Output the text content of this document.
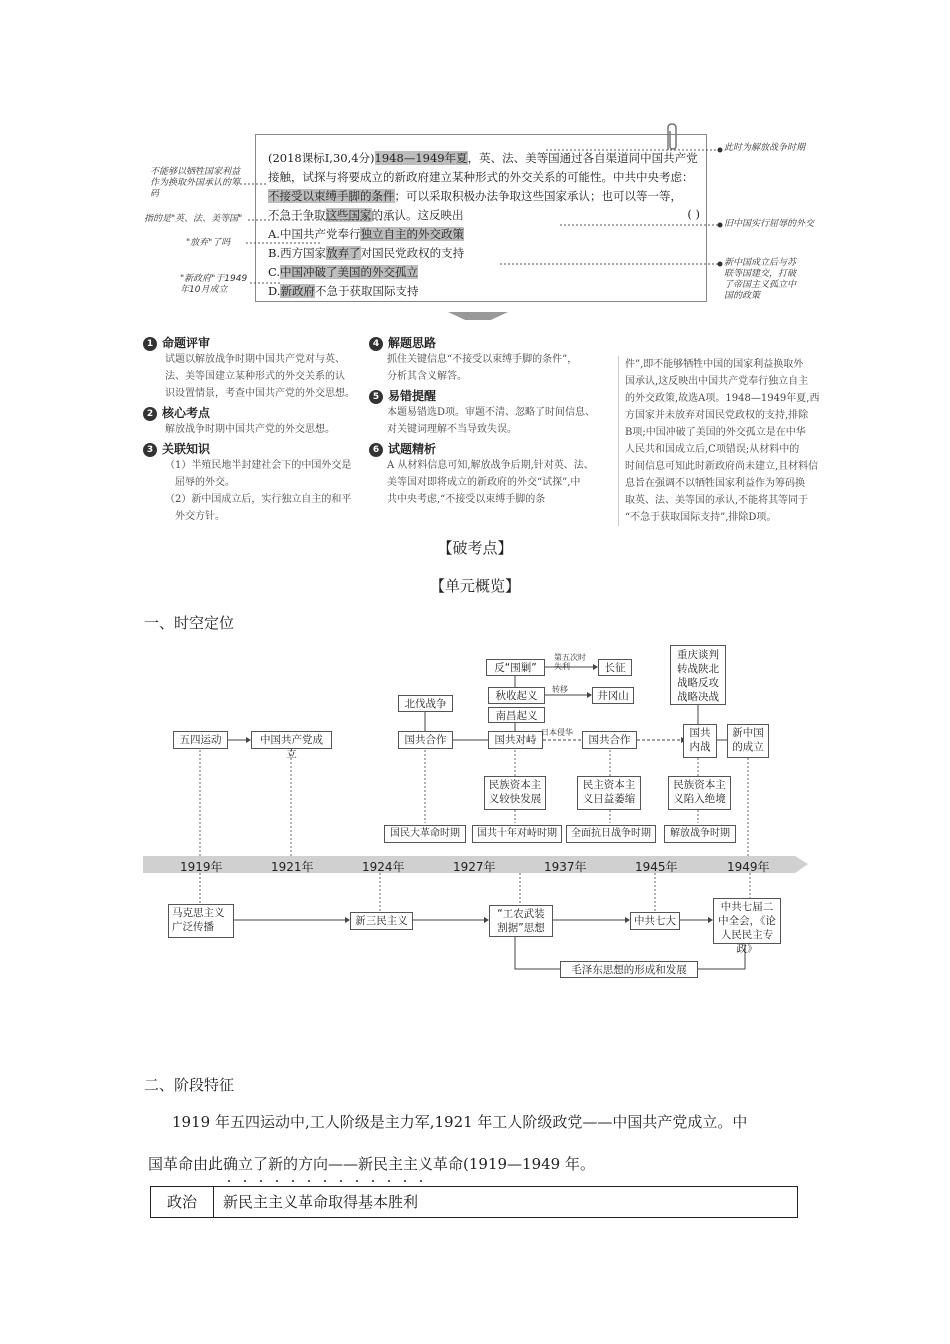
(2018课标Ⅰ,30,4分)1948—1949年夏，英、法、美等国通过各自渠道同中国共产党
接触，试探与将要成立的新政府建立某种形式的外交关系的可能性。中共中央考虑：
不接受以束缚手脚的条件；可以采取积极办法争取这些国家承认；也可以等一等，
不急于争取这些国家的承认。这反映出	( )
A.中国共产党奉行独立自主的外交政策
B.西方国家放弃了对国民党政权的支持
C.中国冲破了美国的外交孤立
D.新政府不急于获取国际支持
不能够以牺牲国家利益作为换取外国承认的筹码
指的是"英、法、美等国"
"放弃"了吗
"新政府"于1949年10月成立
此时为解放战争时期
旧中国实行屈辱的外交
新中国成立后与苏联等国建交，打破了帝国主义孤立中国的政策
1 命题评审
试题以解放战争时期中国共产党对与英、
法、美等国建立某种形式的外交关系的认
识设置情景，考查中国共产党的外交思想。
2 核心考点
解放战争时期中国共产党的外交思想。
3 关联知识
（1）半殖民地半封建社会下的中国外交是
屈辱的外交。
（2）新中国成立后，实行独立自主的和平
外交方针。
4 解题思路
抓住关键信息“不接受以束缚手脚的条件”，
分析其含义解答。
5 易错提醒
本题易错选D项。审题不清、忽略了时间信息、
对关键词理解不当导致失误。
6 试题精析
A 从材料信息可知,解放战争后期,针对英、法、
美等国对即将成立的新政府的外交“试探”,中
共中央考虑,“不接受以束缚手脚的条
件”,即不能够牺牲中国的国家利益换取外
国承认,这反映出中国共产党奉行独立自主
的外交政策,故选A项。1948—1949年夏,西
方国家并未放弃对国民党政权的支持,排除
B项;中国冲破了美国的外交孤立是在中华
人民共和国成立后,C项错误;从材料中的
时间信息可知此时新政府尚未建立,且材料信
息旨在强调不以牺牲国家利益作为筹码换
取英、法、美等国的承认,不能将其等同于
“不急于获取国际支持”,排除D项。
【破考点】
【单元概览】
一、时空定位
1919年	1921年	1924年	1927年	1937年	1945年	1949年
五四运动	中国共产党成立
北伐战争
国共合作
反“围剿”	长征
第五次时失利
秋收起义
转移
井冈山
南昌起义
国共对峙
日本侵华
国共合作
重庆谈判转战陕北战略反攻战略决战
国共内战
新中国的成立
民族资本主义较快发展
民主资本主义日益萎缩
民族资本主义陷入绝境
国民大革命时期	国共十年对峙时期	全面抗日战争时期	解放战争时期
马克思主义广泛传播	新三民主义
“工农武装割据”思想
中共七大
中共七届二中全会，《论人民民主专政》
毛泽东思想的形成和发展
二、阶段特征
1919 年五四运动中,工人阶级是主力军,1921 年工人阶级政党——中国共产党成立。中
国革命由此确立了新的方向——新民主主义革命(1919—1949 年。
政治	新民主主义革命取得基本胜利
